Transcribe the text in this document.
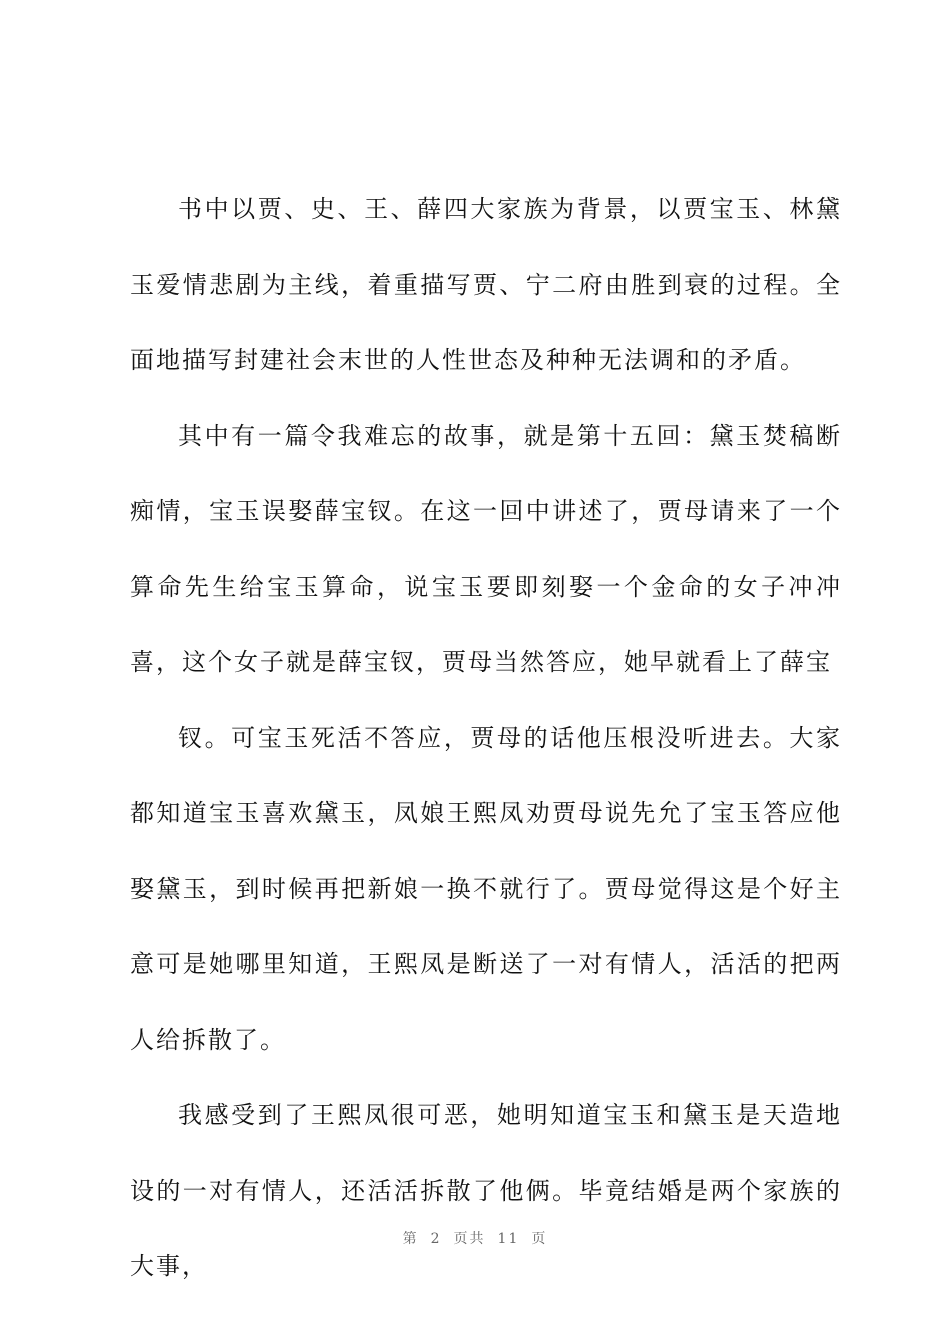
书中以贾、史、王、薛四大家族为背景，以贾宝玉、林黛玉爱情悲剧为主线，着重描写贾、宁二府由胜到衰的过程。全面地描写封建社会末世的人性世态及种种无法调和的矛盾。

其中有一篇令我难忘的故事，就是第十五回：黛玉焚稿断痴情，宝玉误娶薛宝钗。在这一回中讲述了，贾母请来了一个算命先生给宝玉算命，说宝玉要即刻娶一个金命的女子冲冲喜，这个女子就是薛宝钗，贾母当然答应，她早就看上了薛宝

钗。可宝玉死活不答应，贾母的话他压根没听进去。大家都知道宝玉喜欢黛玉，凤娘王熙凤劝贾母说先允了宝玉答应他娶黛玉，到时候再把新娘一换不就行了。贾母觉得这是个好主意可是她哪里知道，王熙凤是断送了一对有情人，活活的把两人给拆散了。

我感受到了王熙凤很可恶，她明知道宝玉和黛玉是天造地设的一对有情人，还活活拆散了他俩。毕竟结婚是两个家族的大事，

第 2 页共 11 页
